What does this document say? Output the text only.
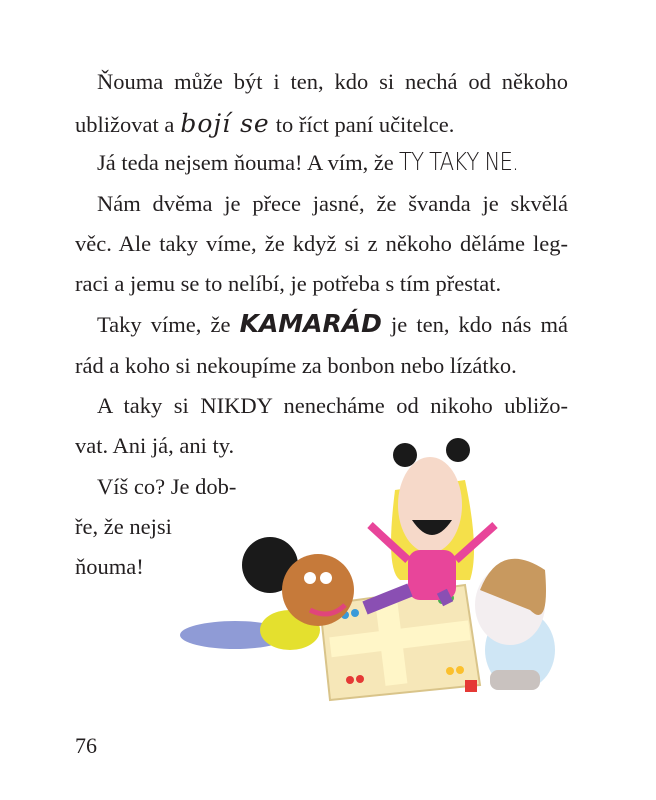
Ňouma může být i ten, kdo si nechá od někoho
ubližovat a bojí se to říct paní učitelce.
Já teda nejsem ňouma! A vím, že TY TAKY NE.
Nám dvěma je přece jasné, že švanda je skvělá
věc. Ale taky víme, že když si z někoho děláme leg-
raci a jemu se to nelíbí, je potřeba s tím přestat.
Taky víme, že KAMARÁD je ten, kdo nás má
rád a koho si nekoupíme za bonbon nebo lízátko.
A taky si NIKDY nenecháme od nikoho ubližo-
vat. Ani já, ani ty.
Víš co? Je dob-
ře, že nejsi
ňouma!
76
